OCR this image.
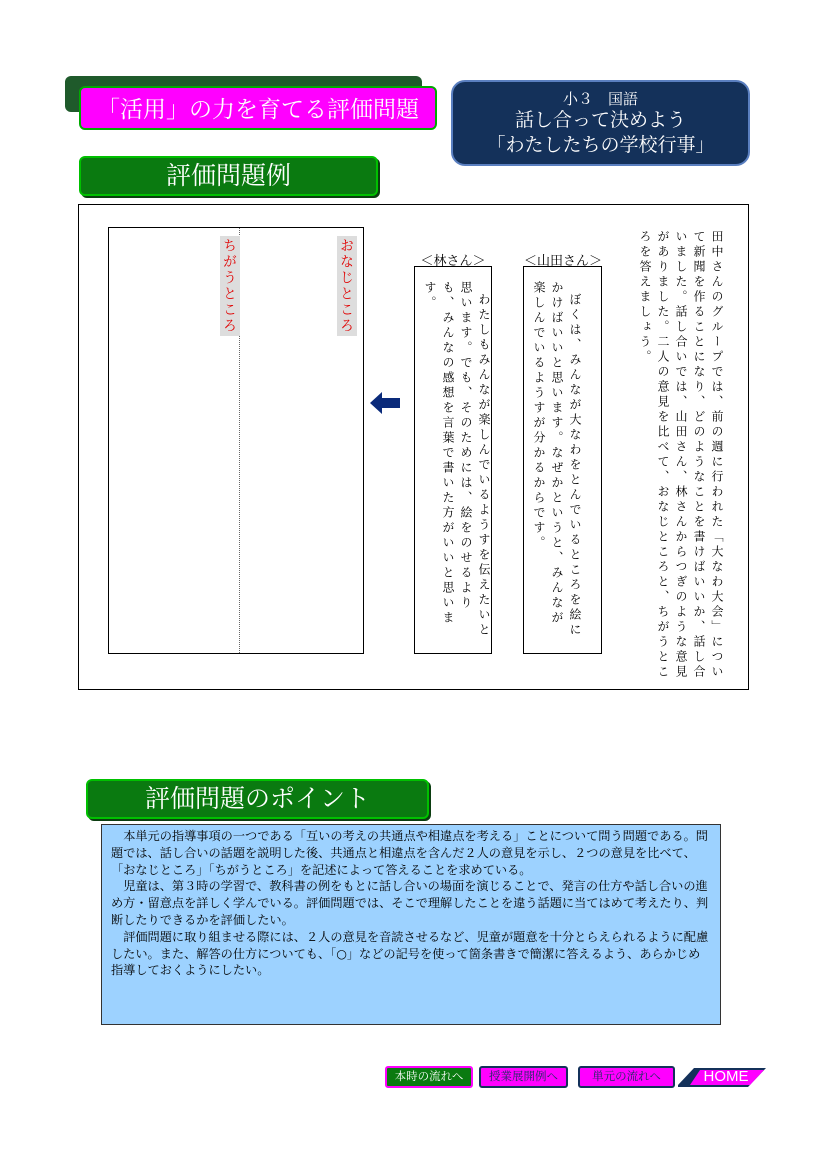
「活用」の力を育てる評価問題	小３　国語
話し合って決めよう
「わたしたちの学校行事」
評価問題例
田中さんのグループでは、前の週に行われた「大なわ大会」について新聞を作ることになり、どのようなことを書けばいいか、話し合いました。話し合いでは、山田さん、林さんからつぎのような意見がありました。二人の意見を比べて、おなじところと、ちがうところを答えましょう。
＜山田さん＞
ぼくは、みんなが大なわをとんでいるところを絵にかけばいいと思います。なぜかというと、みんなが楽しんでいるようすが分かるからです。
＜林さん＞
わたしもみんなが楽しんでいるようすを伝えたいと思います。でも、そのためには、絵をのせるよりも、みんなの感想を言葉で書いた方がいいと思います。
おなじところ
ちがうところ
評価問題のポイント

本単元の指導事項の一つである「互いの考えの共通点や相違点を考える」ことについて問う問題である。問題では、話し合いの話題を説明した後、共通点と相違点を含んだ２人の意見を示し、２つの意見を比べて、「おなじところ」「ちがうところ」を記述によって答えることを求めている。

児童は、第３時の学習で、教科書の例をもとに話し合いの場面を演じることで、発言の仕方や話し合いの進め方・留意点を詳しく学んでいる。評価問題では、そこで理解したことを違う話題に当てはめて考えたり、判断したりできるかを評価したい。

評価問題に取り組ませる際には、２人の意見を音読させるなど、児童が題意を十分とらえられるように配慮したい。また、解答の仕方についても、「○」などの記号を使って箇条書きで簡潔に答えるよう、あらかじめ指導しておくようにしたい。

本時の流れへ	授業展開例へ	単元の流れへ	HOME
